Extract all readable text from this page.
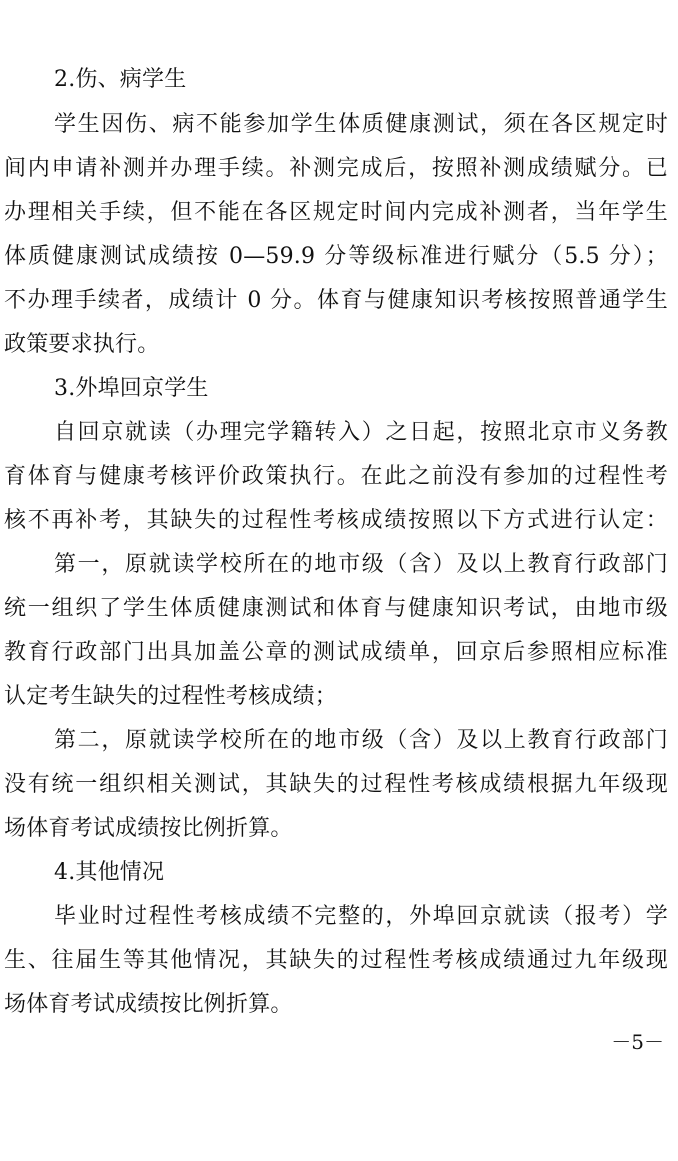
2.伤、病学生
学生因伤、病不能参加学生体质健康测试，须在各区规定时
间内申请补测并办理手续。补测完成后，按照补测成绩赋分。已
办理相关手续，但不能在各区规定时间内完成补测者，当年学生
体质健康测试成绩按 0—59.9 分等级标准进行赋分（5.5 分）；
不办理手续者，成绩计 0 分。体育与健康知识考核按照普通学生
政策要求执行。
3.外埠回京学生
自回京就读（办理完学籍转入）之日起，按照北京市义务教
育体育与健康考核评价政策执行。在此之前没有参加的过程性考
核不再补考，其缺失的过程性考核成绩按照以下方式进行认定：
第一，原就读学校所在的地市级（含）及以上教育行政部门
统一组织了学生体质健康测试和体育与健康知识考试，由地市级
教育行政部门出具加盖公章的测试成绩单，回京后参照相应标准
认定考生缺失的过程性考核成绩；
第二，原就读学校所在的地市级（含）及以上教育行政部门
没有统一组织相关测试，其缺失的过程性考核成绩根据九年级现
场体育考试成绩按比例折算。
4.其他情况
毕业时过程性考核成绩不完整的，外埠回京就读（报考）学
生、往届生等其他情况，其缺失的过程性考核成绩通过九年级现
场体育考试成绩按比例折算。
－5－
